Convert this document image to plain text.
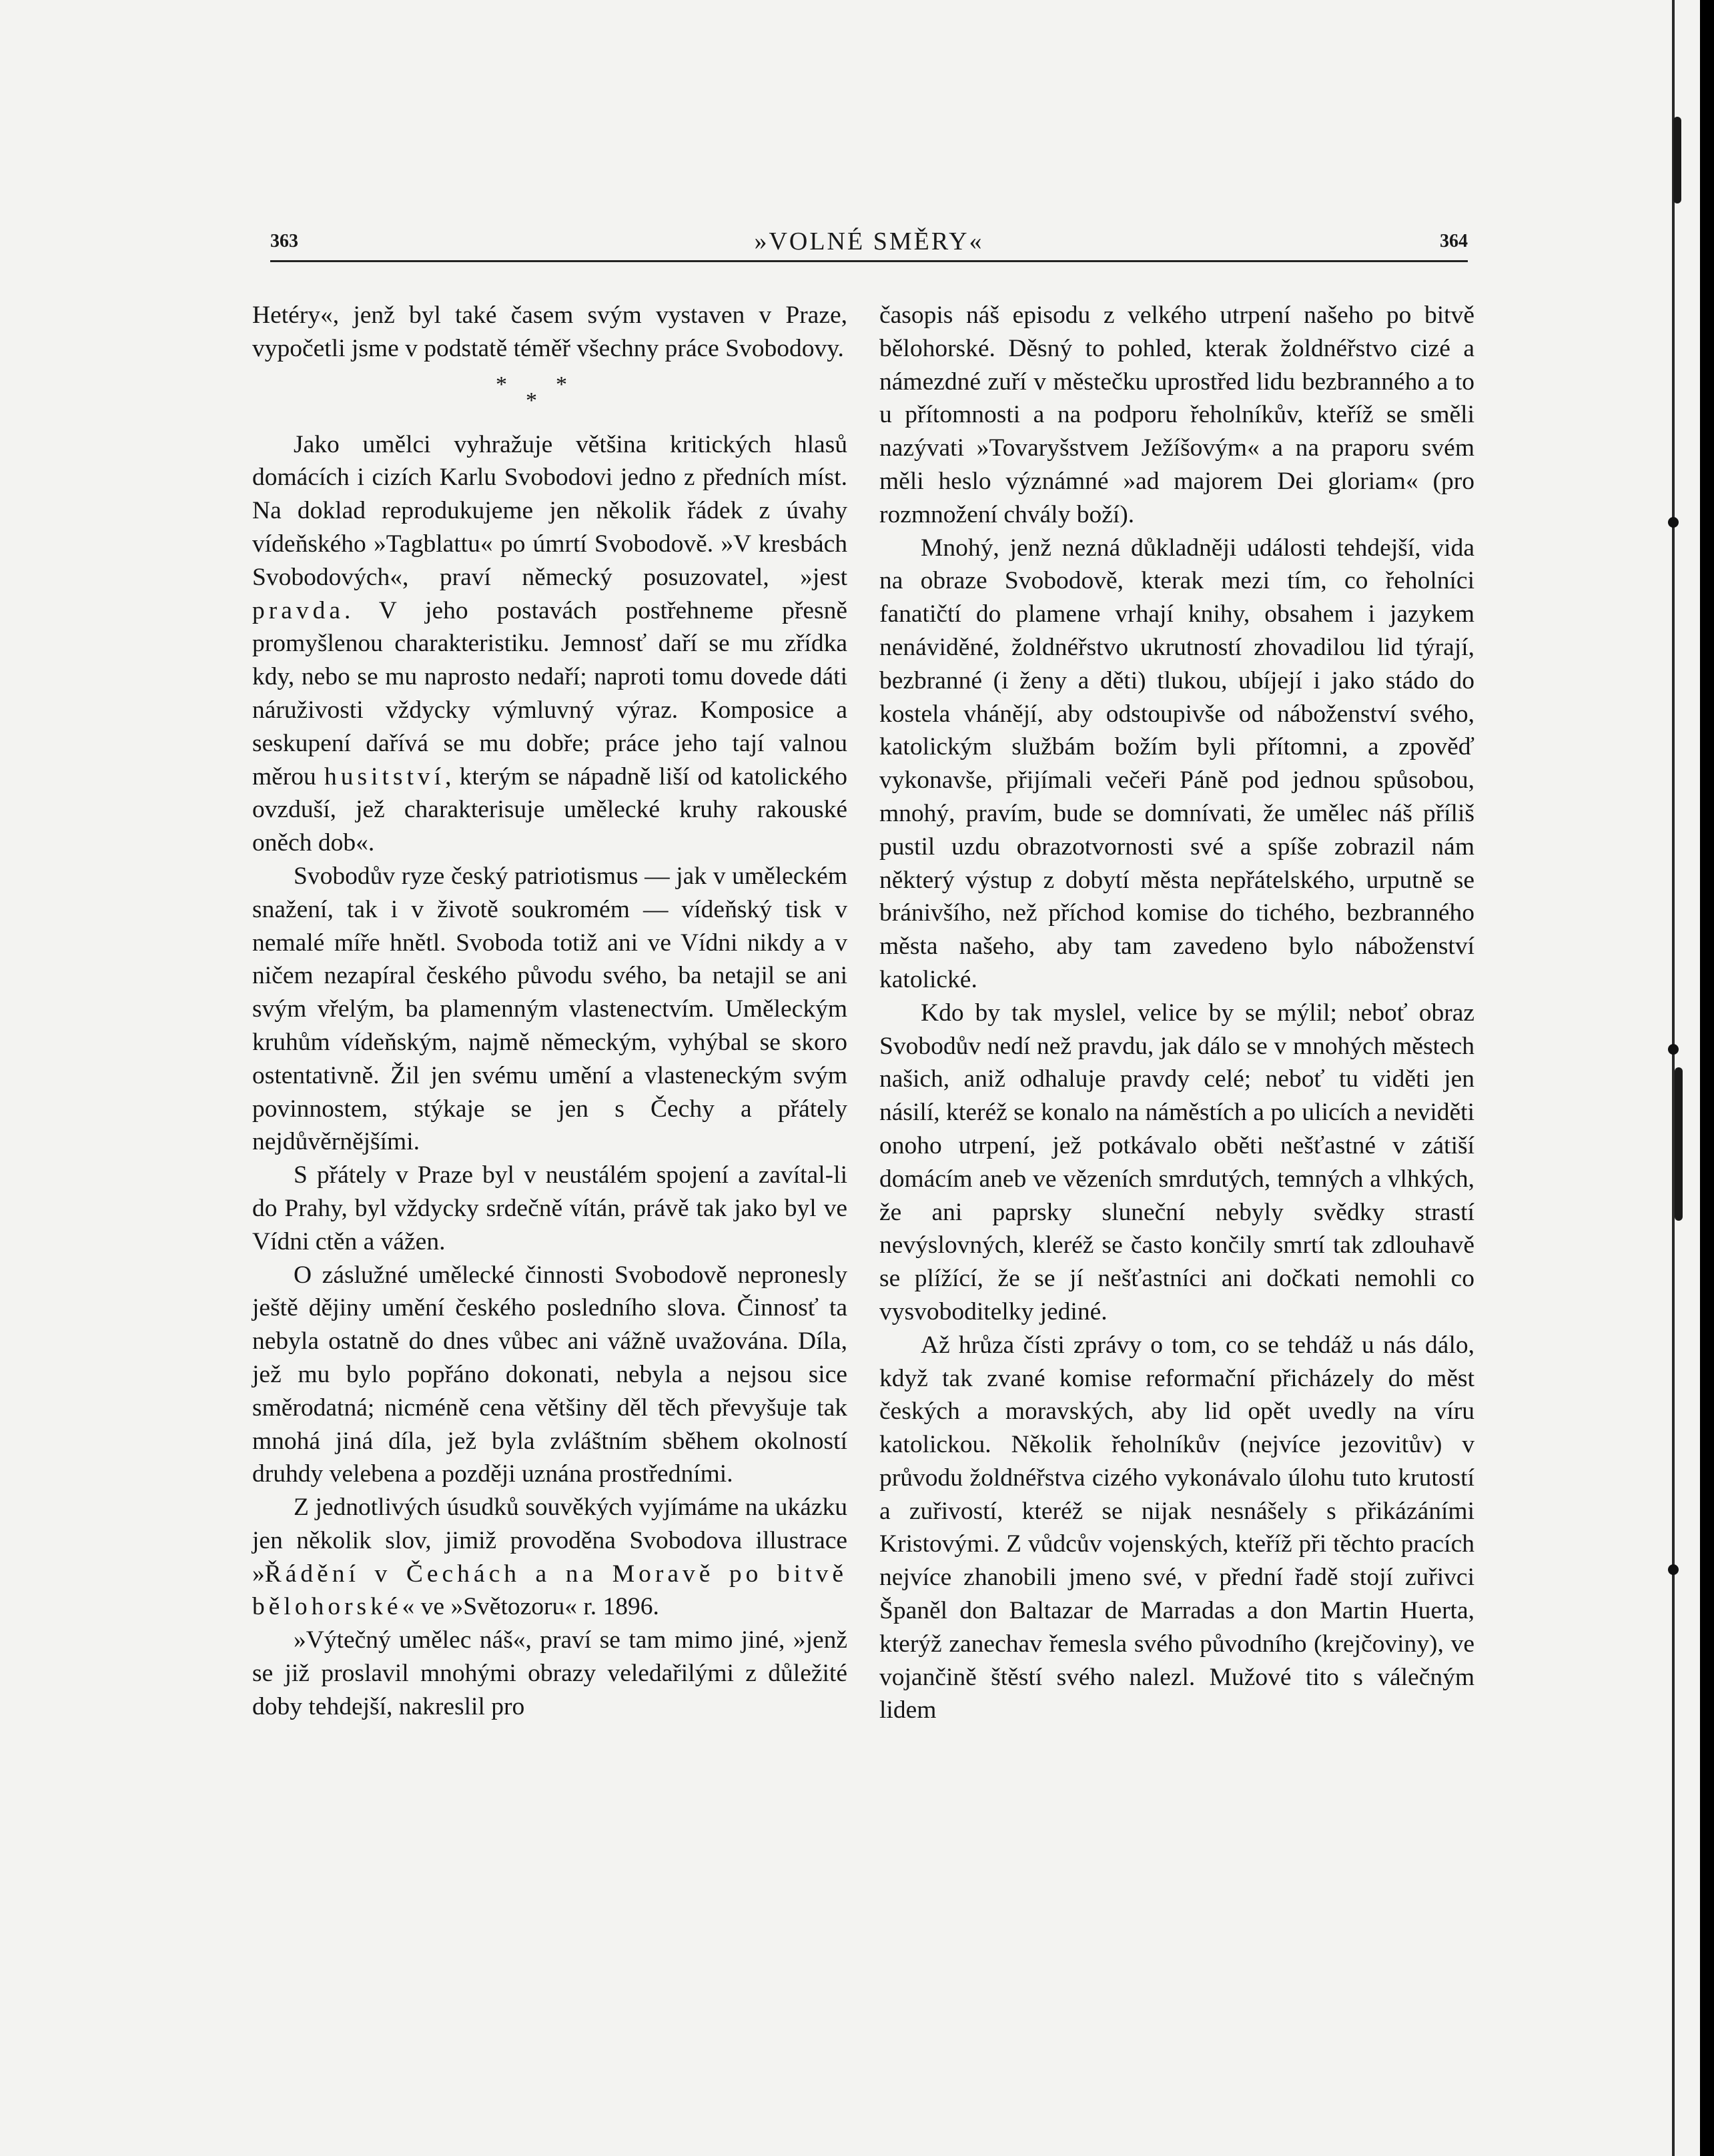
363	»VOLNÉ SMĚRY«	364

Hetéry«, jenž byl také časem svým vystaven v Praze, vypočetli jsme v podstatě téměř všechny práce Svobodovy.

*
*
*

Jako umělci vyhražuje většina kritických hlasů domácích i cizích Karlu Svobodovi jedno z předních míst. Na doklad reprodukujeme jen několik řádek z úvahy vídeňského »Tagblattu« po úmrtí Svobodově. »V kresbách Svobodových«, praví německý posuzovatel, »jest pravda. V jeho postavách postřehneme přesně promyšlenou charakteristiku. Jemnosť daří se mu zřídka kdy, nebo se mu naprosto nedaří; naproti tomu dovede dáti náruživosti vždycky výmluvný výraz. Komposice a seskupení dařívá se mu dobře; práce jeho tají valnou měrou husitství, kterým se nápadně liší od katolického ovzduší, jež charakterisuje umělecké kruhy rakouské oněch dob«.

Svobodův ryze český patriotismus — jak v uměleckém snažení, tak i v životě soukromém — vídeňský tisk v nemalé míře hnětl. Svoboda totiž ani ve Vídni nikdy a v ničem nezapíral českého původu svého, ba netajil se ani svým vřelým, ba plamenným vlastenectvím. Uměleckým kruhům vídeňským, najmě německým, vyhýbal se skoro ostentativně. Žil jen svému umění a vlasteneckým svým povinnostem, stýkaje se jen s Čechy a přátely nejdůvěrnějšími.

S přátely v Praze byl v neustálém spojení a zavítal-li do Prahy, byl vždycky srdečně vítán, právě tak jako byl ve Vídni ctěn a vážen.

O záslužné umělecké činnosti Svobodově nepronesly ještě dějiny umění českého posledního slova. Činnosť ta nebyla ostatně do dnes vůbec ani vážně uvažována. Díla, jež mu bylo popřáno dokonati, nebyla a nejsou sice směrodatná; nicméně cena většiny děl těch převyšuje tak mnohá jiná díla, jež byla zvláštním sběhem okolností druhdy velebena a později uznána prostředními.

Z jednotlivých úsudků souvěkých vyjímáme na ukázku jen několik slov, jimiž provoděna Svobodova illustrace »Řádění v Čechách a na Moravě po bitvě bělohorské« ve »Světozoru« r. 1896.

»Výtečný umělec náš«, praví se tam mimo jiné, »jenž se již proslavil mnohými obrazy veledařilými z důležité doby tehdejší, nakreslil pro

časopis náš episodu z velkého utrpení našeho po bitvě bělohorské. Děsný to pohled, kterak žoldnéřstvo cizé a námezdné zuří v městečku uprostřed lidu bezbranného a to u přítomnosti a na podporu řeholníkův, kteříž se směli nazývati »Tovaryšstvem Ježíšovým« a na praporu svém měli heslo význámné »ad majorem Dei gloriam« (pro rozmnožení chvály boží).

Mnohý, jenž nezná důkladněji události tehdejší, vida na obraze Svobodově, kterak mezi tím, co řeholníci fanatičtí do plamene vrhají knihy, obsahem i jazykem nenáviděné, žoldnéřstvo ukrutností zhovadilou lid týrají, bezbranné (i ženy a děti) tlukou, ubíjejí i jako stádo do kostela vhánějí, aby odstoupivše od náboženství svého, katolickým službám božím byli přítomni, a zpověď vykonavše, přijímali večeři Páně pod jednou spůsobou, mnohý, pravím, bude se domnívati, že umělec náš příliš pustil uzdu obrazotvornosti své a spíše zobrazil nám některý výstup z dobytí města nepřátelského, urputně se bránivšího, než příchod komise do tichého, bezbranného města našeho, aby tam zavedeno bylo náboženství katolické.

Kdo by tak myslel, velice by se mýlil; neboť obraz Svobodův nedí než pravdu, jak dálo se v mnohých městech našich, aniž odhaluje pravdy celé; neboť tu viděti jen násilí, kteréž se konalo na náměstích a po ulicích a neviděti onoho utrpení, jež potkávalo oběti nešťastné v zátiší domácím aneb ve vězeních smrdutých, temných a vlhkých, že ani paprsky sluneční nebyly svědky strastí nevýslovných, kleréž se často končily smrtí tak zdlouhavě se plížící, že se jí nešťastníci ani dočkati nemohli co vysvoboditelky jediné.

Až hrůza čísti zprávy o tom, co se tehdáž u nás dálo, když tak zvané komise reformační přicházely do měst českých a moravských, aby lid opět uvedly na víru katolickou. Několik řeholníkův (nejvíce jezovitův) v průvodu žoldnéřstva cizého vykonávalo úlohu tuto krutostí a zuřivostí, kteréž se nijak nesnášely s přikázáními Kristovými. Z vůdcův vojenských, kteříž při těchto pracích nejvíce zhanobili jmeno své, v přední řadě stojí zuřivci Španěl don Baltazar de Marradas a don Martin Huerta, kterýž zanechav řemesla svého původního (krejčoviny), ve vojančině štěstí svého nalezl. Mužové tito s válečným lidem
